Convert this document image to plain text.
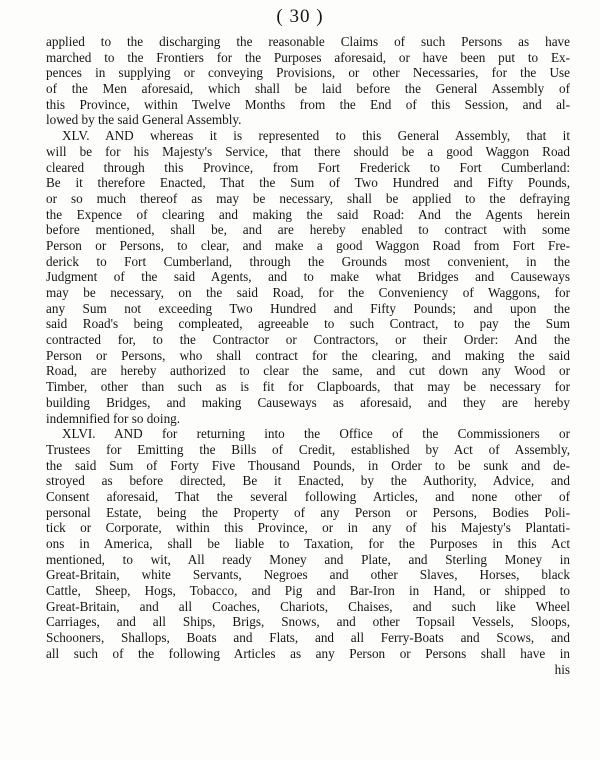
( 30 )
applied to the discharging the reasonable Claims of such Persons as have
marched to the Frontiers for the Purposes aforesaid, or have been put to Ex-
pences in supplying or conveying Provisions, or other Necessaries, for the Use
of the Men aforesaid, which shall be laid before the General Assembly of
this Province, within Twelve Months from the End of this Session, and al-
lowed by the said General Assembly.
XLV. AND whereas it is represented to this General Assembly, that it
will be for his Majesty's Service, that there should be a good Waggon Road
cleared through this Province, from Fort Frederick to Fort Cumberland:
Be it therefore Enacted, That the Sum of Two Hundred and Fifty Pounds,
or so much thereof as may be necessary, shall be applied to the defraying
the Expence of clearing and making the said Road: And the Agents herein
before mentioned, shall be, and are hereby enabled to contract with some
Person or Persons, to clear, and make a good Waggon Road from Fort Fre-
derick to Fort Cumberland, through the Grounds most convenient, in the
Judgment of the said Agents, and to make what Bridges and Causeways
may be necessary, on the said Road, for the Conveniency of Waggons, for
any Sum not exceeding Two Hundred and Fifty Pounds; and upon the
said Road's being compleated, agreeable to such Contract, to pay the Sum
contracted for, to the Contractor or Contractors, or their Order: And the
Person or Persons, who shall contract for the clearing, and making the said
Road, are hereby authorized to clear the same, and cut down any Wood or
Timber, other than such as is fit for Clapboards, that may be necessary for
building Bridges, and making Causeways as aforesaid, and they are hereby
indemnified for so doing.
XLVI. AND for returning into the Office of the Commissioners or
Trustees for Emitting the Bills of Credit, established by Act of Assembly,
the said Sum of Forty Five Thousand Pounds, in Order to be sunk and de-
stroyed as before directed, Be it Enacted, by the Authority, Advice, and
Consent aforesaid, That the several following Articles, and none other of
personal Estate, being the Property of any Person or Persons, Bodies Poli-
tick or Corporate, within this Province, or in any of his Majesty's Plantati-
ons in America, shall be liable to Taxation, for the Purposes in this Act
mentioned, to wit, All ready Money and Plate, and Sterling Money in
Great-Britain, white Servants, Negroes and other Slaves, Horses, black
Cattle, Sheep, Hogs, Tobacco, and Pig and Bar-Iron in Hand, or shipped to
Great-Britain, and all Coaches, Chariots, Chaises, and such like Wheel
Carriages, and all Ships, Brigs, Snows, and other Topsail Vessels, Sloops,
Schooners, Shallops, Boats and Flats, and all Ferry-Boats and Scows, and
all such of the following Articles as any Person or Persons shall have in
his
